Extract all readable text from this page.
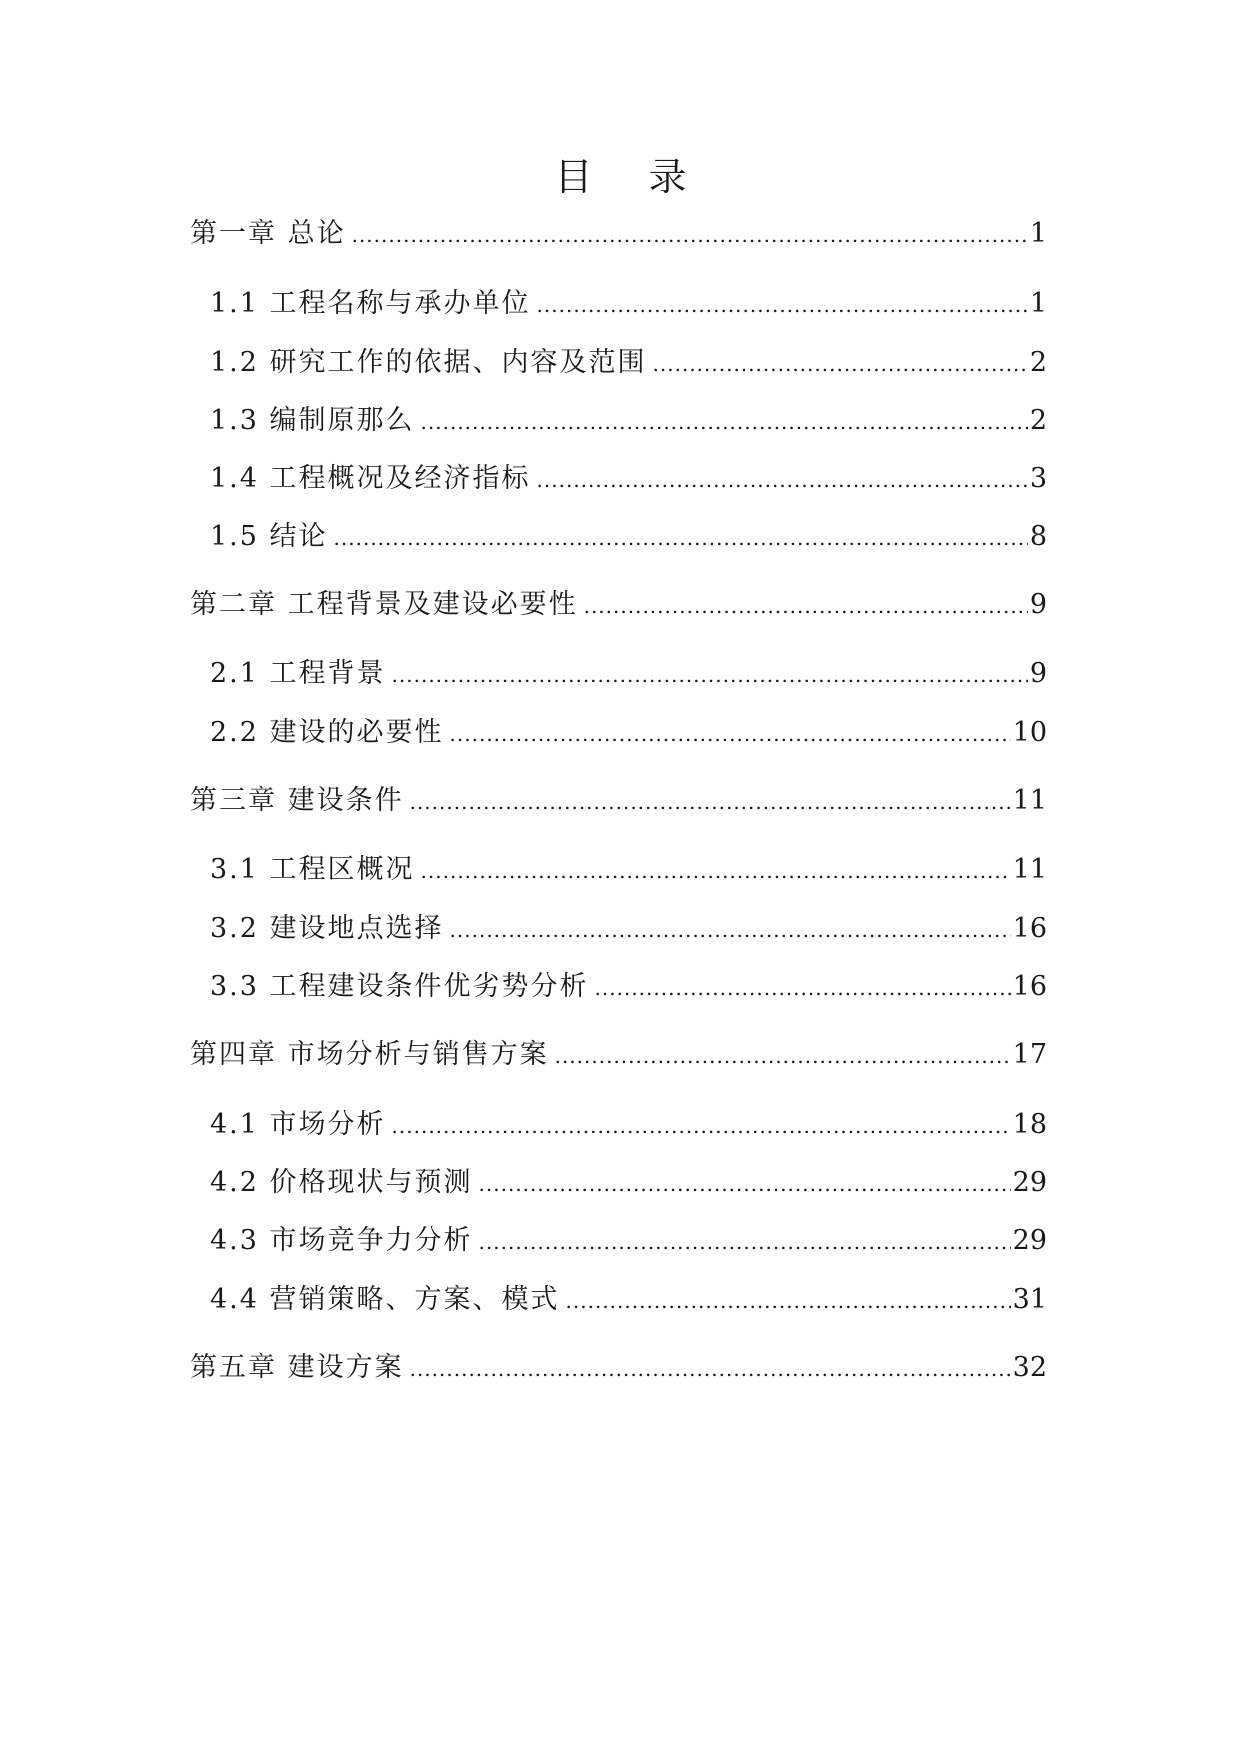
目 录
第一章 总论 .....	1
1.1 工程名称与承办单位 .....	1
1.2 研究工作的依据、内容及范围 .....	2
1.3 编制原那么 .....	2
1.4 工程概况及经济指标 .....	3
1.5 结论 .....	8
第二章 工程背景及建设必要性 .....	9
2.1 工程背景 .....	9
2.2 建设的必要性 .....	10
第三章 建设条件 .....	11
3.1 工程区概况 .....	11
3.2 建设地点选择 .....	16
3.3 工程建设条件优劣势分析 .....	16
第四章 市场分析与销售方案 .....	17
4.1 市场分析 .....	18
4.2 价格现状与预测 .....	29
4.3 市场竞争力分析 .....	29
4.4 营销策略、方案、模式 .....	31
第五章 建设方案 .....	32
